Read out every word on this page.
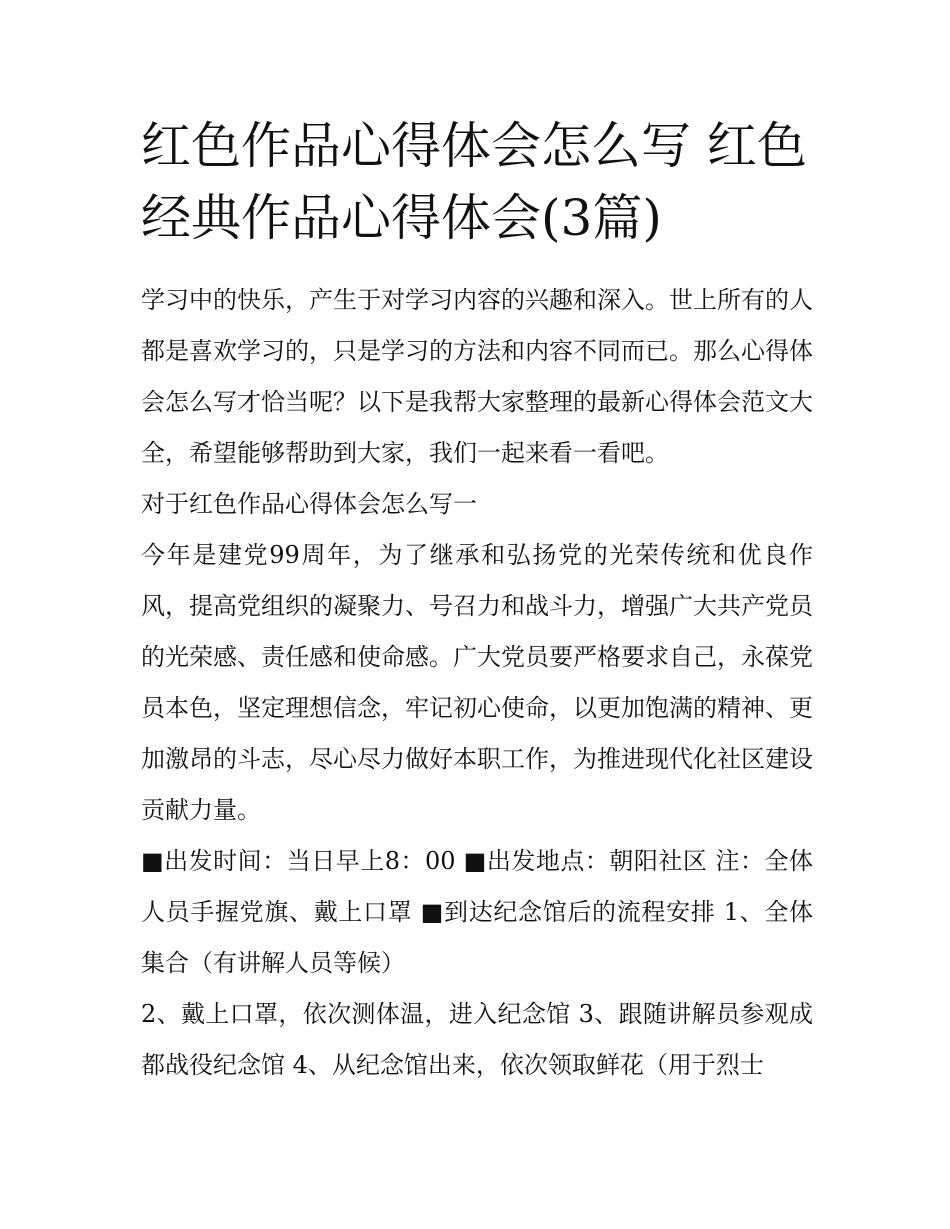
红色作品心得体会怎么写 红色经典作品心得体会(3篇)

学习中的快乐，产生于对学习内容的兴趣和深入。世上所有的人都是喜欢学习的，只是学习的方法和内容不同而已。那么心得体会怎么写才恰当呢？以下是我帮大家整理的最新心得体会范文大全，希望能够帮助到大家，我们一起来看一看吧。

对于红色作品心得体会怎么写一

今年是建党99周年，为了继承和弘扬党的光荣传统和优良作风，提高党组织的凝聚力、号召力和战斗力，增强广大共产党员的光荣感、责任感和使命感。广大党员要严格要求自己，永葆党员本色，坚定理想信念，牢记初心使命，以更加饱满的精神、更加激昂的斗志，尽心尽力做好本职工作，为推进现代化社区建设贡献力量。

■出发时间：当日早上8：00 ■出发地点：朝阳社区 注：全体人员手握党旗、戴上口罩 ■到达纪念馆后的流程安排 1、全体集合（有讲解人员等候）

2、戴上口罩，依次测体温，进入纪念馆 3、跟随讲解员参观成都战役纪念馆 4、从纪念馆出来，依次领取鲜花（用于烈士
